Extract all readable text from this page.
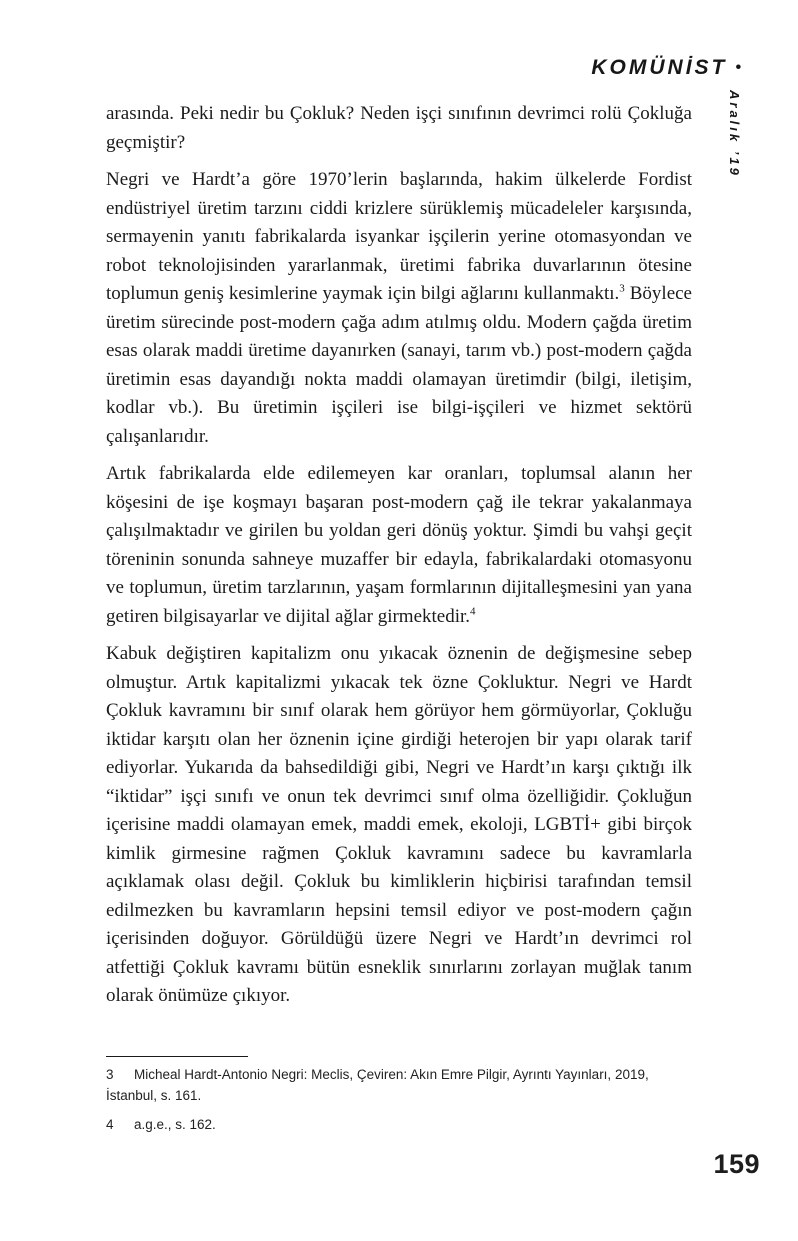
KOMÜNİST •
Aralık ’19

arasında. Peki nedir bu Çokluk? Neden işçi sınıfının devrimci rolü Çokluğa geçmiştir?

Negri ve Hardt’a göre 1970’lerin başlarında, hakim ülkelerde Fordist endüstriyel üretim tarzını ciddi krizlere sürüklemiş mücadeleler karşısında, sermayenin yanıtı fabrikalarda isyankar işçilerin yerine otomasyondan ve robot teknolojisinden yararlanmak, üretimi fabrika duvarlarının ötesine toplumun geniş kesimlerine yaymak için bilgi ağlarını kullanmaktı.$^3$ Böylece üretim sürecinde post-modern çağa adım atılmış oldu. Modern çağda üretim esas olarak maddi üretime dayanırken (sanayi, tarım vb.) post-modern çağda üretimin esas dayandığı nokta maddi olamayan üretimdir (bilgi, iletişim, kodlar vb.). Bu üretimin işçileri ise bilgi-işçileri ve hizmet sektörü çalışanlarıdır.

Artık fabrikalarda elde edilemeyen kar oranları, toplumsal alanın her köşesini de işe koşmayı başaran post-modern çağ ile tekrar yakalanmaya çalışılmaktadır ve girilen bu yoldan geri dönüş yoktur. Şimdi bu vahşi geçit töreninin sonunda sahneye muzaffer bir edayla, fabrikalardaki otomasyonu ve toplumun, üretim tarzlarının, yaşam formlarının dijitalleşmesini yan yana getiren bilgisayarlar ve dijital ağlar girmektedir.$^4$

Kabuk değiştiren kapitalizm onu yıkacak öznenin de değişmesine sebep olmuştur. Artık kapitalizmi yıkacak tek özne Çokluktur. Negri ve Hardt Çokluk kavramını bir sınıf olarak hem görüyor hem görmüyorlar, Çokluğu iktidar karşıtı olan her öznenin içine girdiği heterojen bir yapı olarak tarif ediyorlar. Yukarıda da bahsedildiği gibi, Negri ve Hardt’ın karşı çıktığı ilk “iktidar” işçi sınıfı ve onun tek devrimci sınıf olma özelliğidir. Çokluğun içerisine maddi olamayan emek, maddi emek, ekoloji, LGBTİ+ gibi birçok kimlik girmesine rağmen Çokluk kavramını sadece bu kavramlarla açıklamak olası değil. Çokluk bu kimliklerin hiçbirisi tarafından temsil edilmezken bu kavramların hepsini temsil ediyor ve post-modern çağın içerisinden doğuyor. Görüldüğü üzere Negri ve Hardt’ın devrimci rol atfettiği Çokluk kavramı bütün esneklik sınırlarını zorlayan muğlak tanım olarak önümüze çıkıyor.

3 Micheal Hardt-Antonio Negri: Meclis, Çeviren: Akın Emre Pilgir, Ayrıntı Yayınları, 2019, İstanbul, s. 161.
4 a.g.e., s. 162.
159
